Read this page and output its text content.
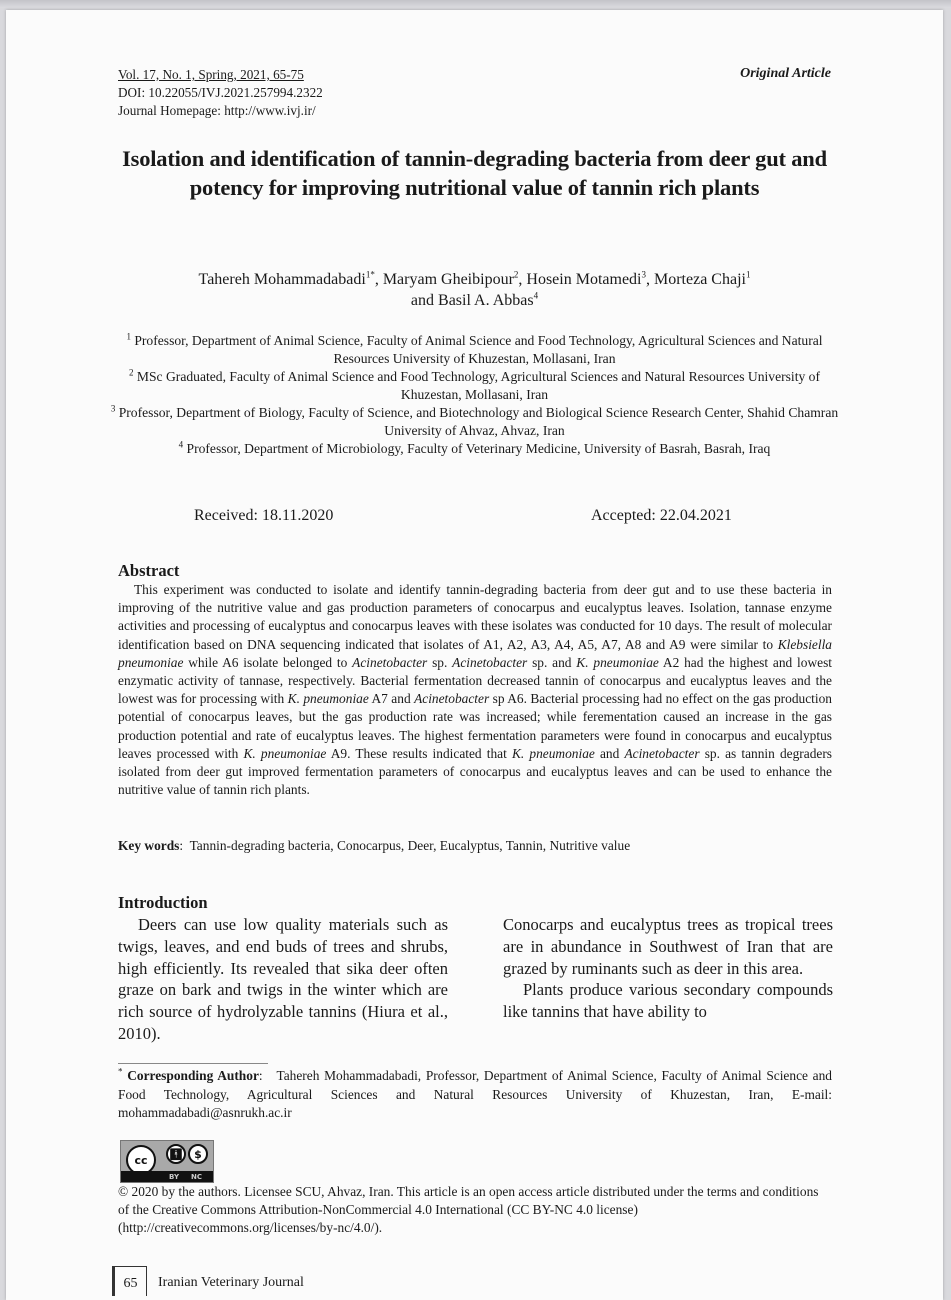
Vol. 17, No. 1, Spring, 2021, 65-75
DOI: 10.22055/IVJ.2021.257994.2322
Journal Homepage: http://www.ivj.ir/
Original Article
Isolation and identification of tannin-degrading bacteria from deer gut and potency for improving nutritional value of tannin rich plants
Tahereh Mohammadabadi$^{1*}$, Maryam Gheibipour$^2$, Hosein Motamedi$^3$, Morteza Chaji$^1$
and Basil A. Abbas$^4$

$^1$ Professor, Department of Animal Science, Faculty of Animal Science and Food Technology, Agricultural Sciences and Natural Resources University of Khuzestan, Mollasani, Iran

$^2$ MSc Graduated, Faculty of Animal Science and Food Technology, Agricultural Sciences and Natural Resources University of Khuzestan, Mollasani, Iran

$^3$ Professor, Department of Biology, Faculty of Science, and Biotechnology and Biological Science Research Center, Shahid Chamran University of Ahvaz, Ahvaz, Iran

$^4$ Professor, Department of Microbiology, Faculty of Veterinary Medicine, University of Basrah, Basrah, Iraq

Received: 18.11.2020	Accepted: 22.04.2021
Abstract
This experiment was conducted to isolate and identify tannin-degrading bacteria from deer gut and to use these bacteria in improving of the nutritive value and gas production parameters of conocarpus and eucalyptus leaves. Isolation, tannase enzyme activities and processing of eucalyptus and conocarpus leaves with these isolates was conducted for 10 days. The result of molecular identification based on DNA sequencing indicated that isolates of A1, A2, A3, A4, A5, A7, A8 and A9 were similar to Klebsiella pneumoniae while A6 isolate belonged to Acinetobacter sp. Acinetobacter sp. and K. pneumoniae A2 had the highest and lowest enzymatic activity of tannase, respectively. Bacterial fermentation decreased tannin of conocarpus and eucalyptus leaves and the lowest was for processing with K. pneumoniae A7 and Acinetobacter sp A6. Bacterial processing had no effect on the gas production potential of conocarpus leaves, but the gas production rate was increased; while ferementation caused an increase in the gas production potential and rate of eucalyptus leaves. The highest fermentation parameters were found in conocarpus and eucalyptus leaves processed with K. pneumoniae A9. These results indicated that K. pneumoniae and Acinetobacter sp. as tannin degraders isolated from deer gut improved fermentation parameters of conocarpus and eucalyptus leaves and can be used to enhance the nutritive value of tannin rich plants.
Key words:  Tannin-degrading bacteria, Conocarpus, Deer, Eucalyptus, Tannin, Nutritive value
Introduction

Deers can use low quality materials such as twigs, leaves, and end buds of trees and shrubs, high efficiently. Its revealed that sika deer often graze on bark and twigs in the winter which are rich source of hydrolyzable tannins (Hiura et al., 2010).

Conocarps and eucalyptus trees as tropical trees are in abundance in Southwest of Iran that are grazed by ruminants such as deer in this area.

Plants produce various secondary compounds like tannins that have ability to

* Corresponding Author:   Tahereh Mohammadabadi, Professor, Department of Animal Science, Faculty of Animal Science and Food Technology, Agricultural Sciences and Natural Resources University of Khuzestan, Iran, E-mail: mohammadabadi@asnrukh.ac.ir
cc	🚹︎	$
BY NC
© 2020 by the authors. Licensee SCU, Ahvaz, Iran. This article is an open access article distributed under the terms and conditions of the Creative Commons Attribution-NonCommercial 4.0 International (CC BY-NC 4.0 license) (http://creativecommons.org/licenses/by-nc/4.0/).
65	Iranian Veterinary Journal
